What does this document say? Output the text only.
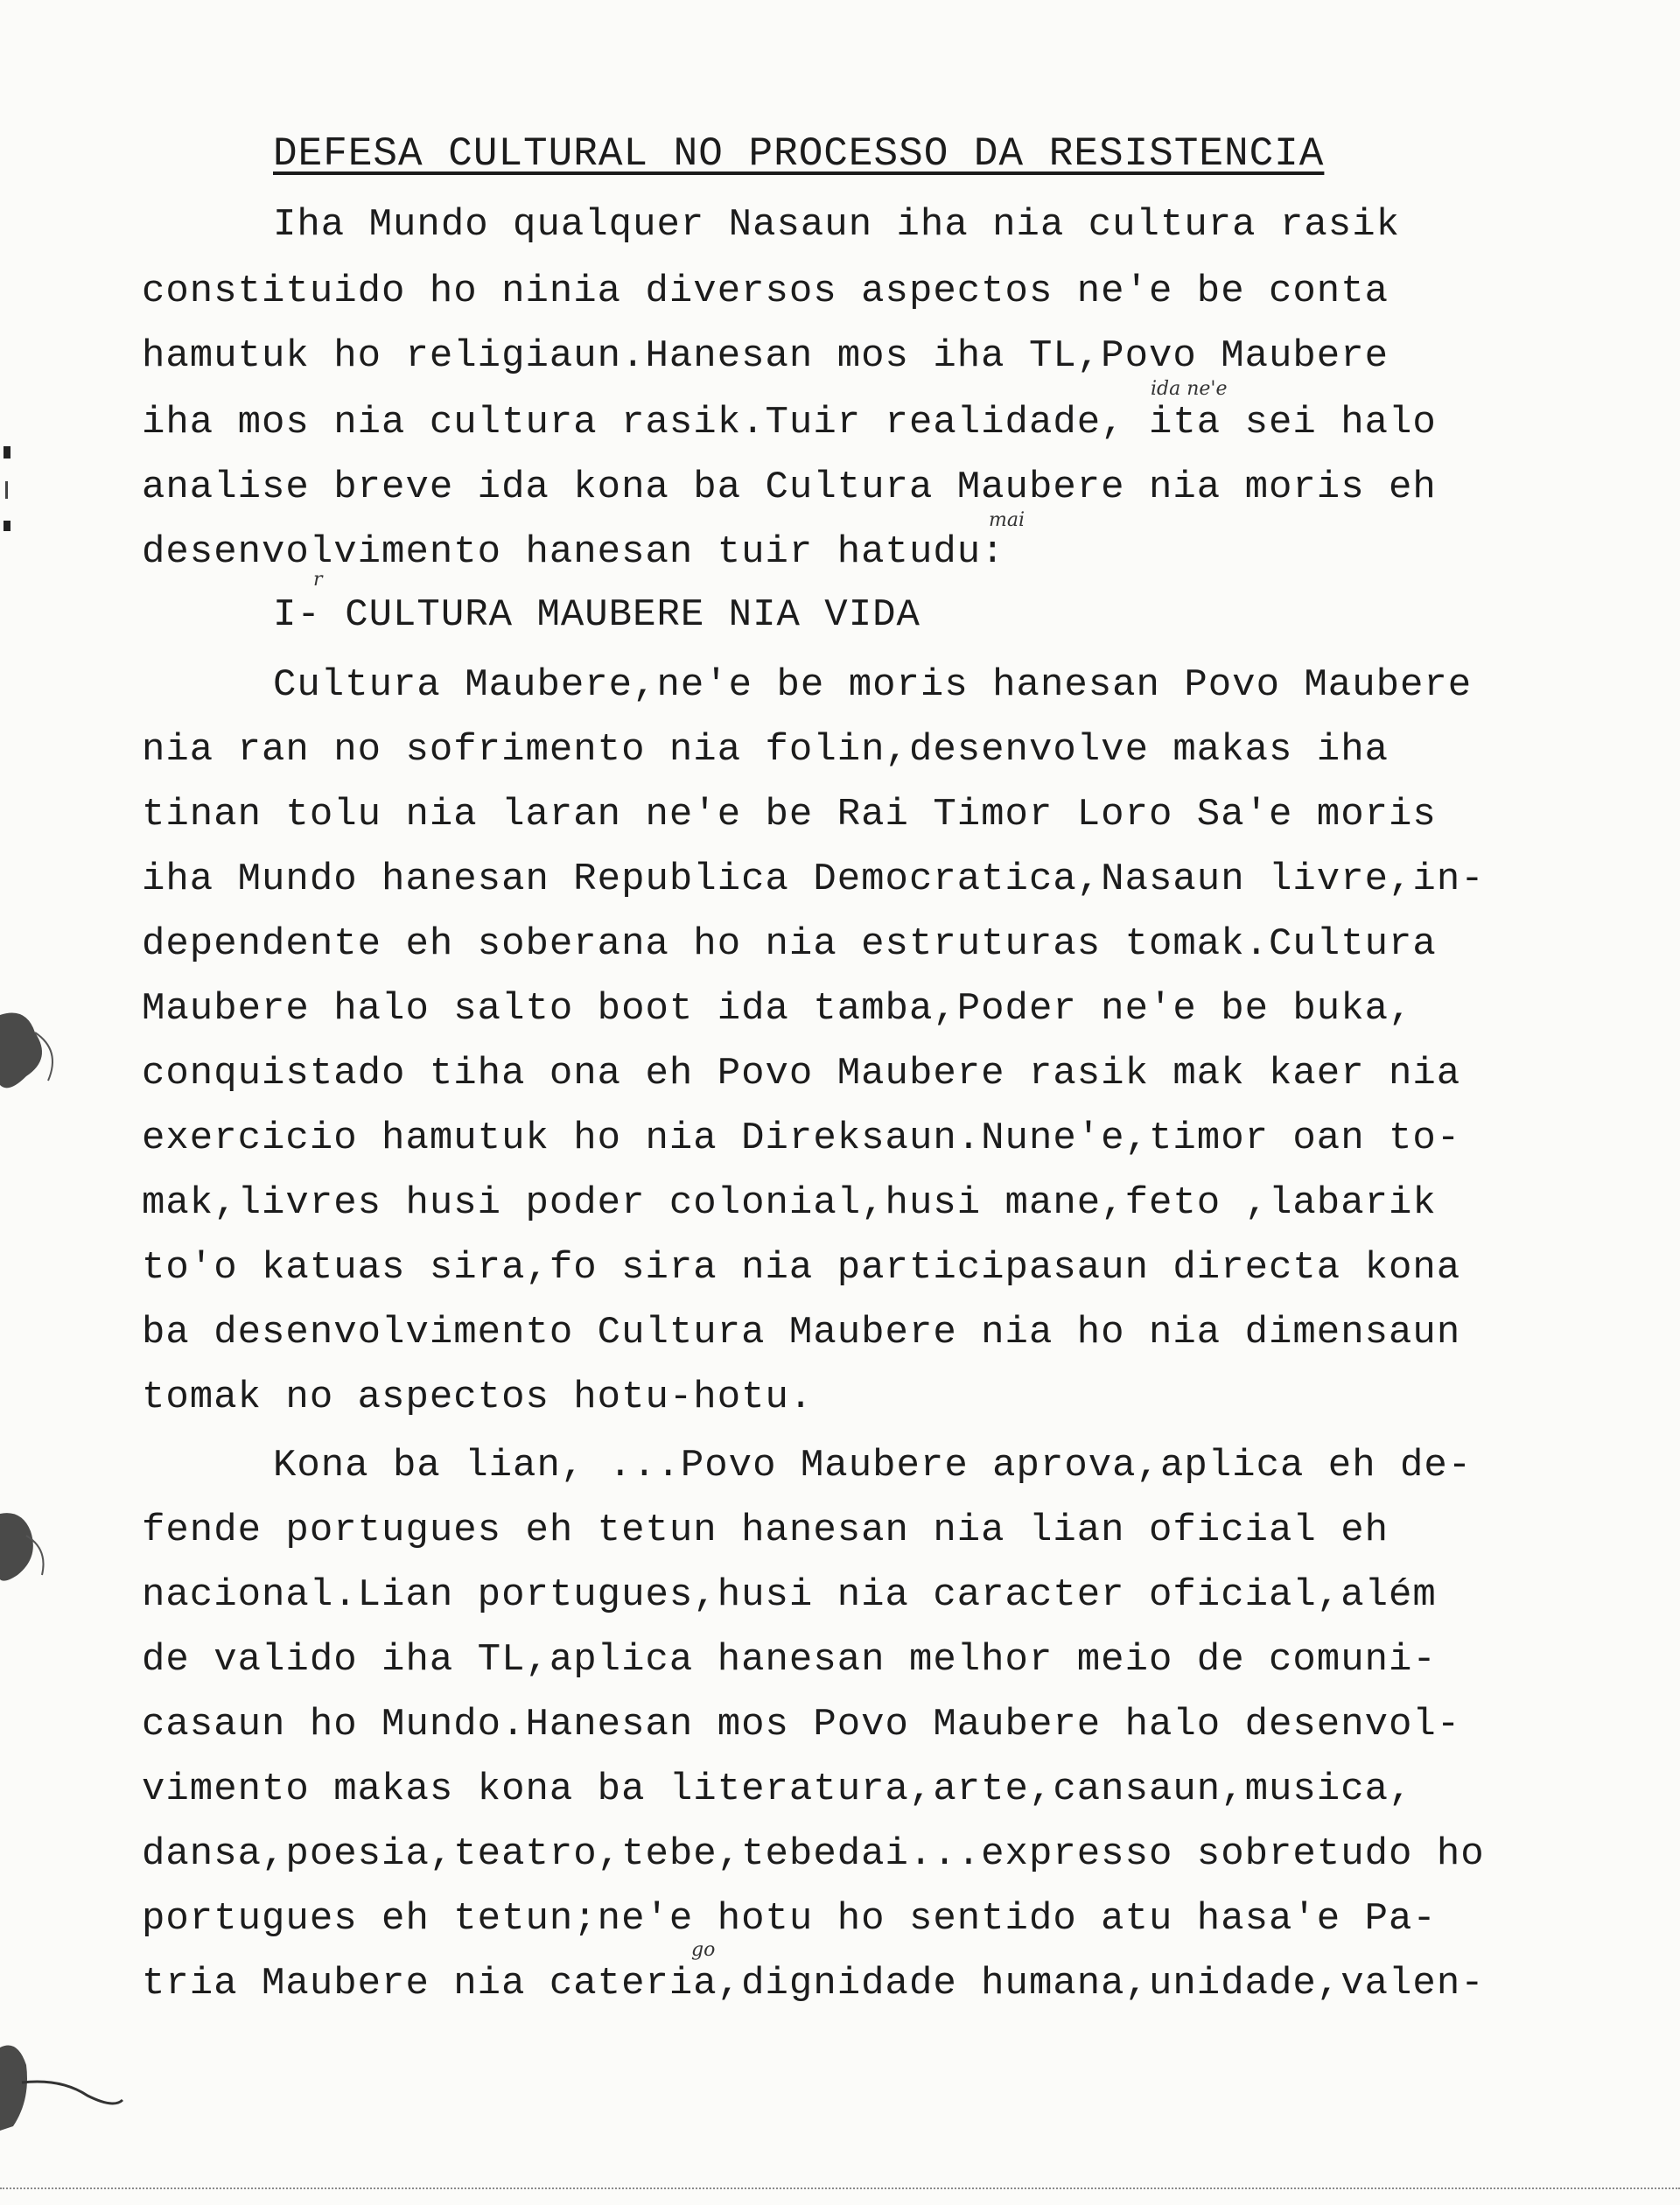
DEFESA CULTURAL NO PROCESSO DA RESISTENCIA
Iha Mundo qualquer Nasaun iha nia cultura rasik
constituido ho ninia diversos aspectos ne'e be conta
hamutuk ho religiaun.Hanesan mos iha TL,Povo Maubere
ida ne'e
iha mos nia cultura rasik.Tuir realidade, ita sei halo
analise breve ida kona ba Cultura Maubere nia moris eh
mai
desenvolvimento hanesan tuir hatudu:
r
I- CULTURA MAUBERE NIA VIDA
Cultura Maubere,ne'e be moris hanesan Povo Maubere
nia ran no sofrimento nia folin,desenvolve makas iha
tinan tolu nia laran ne'e be Rai Timor Loro Sa'e moris
iha Mundo hanesan Republica Democratica,Nasaun livre,in-
dependente eh soberana ho nia estruturas tomak.Cultura
Maubere halo salto boot ida tamba,Poder ne'e be buka,
conquistado tiha ona eh Povo Maubere rasik mak kaer nia
exercicio hamutuk ho nia Direksaun.Nune'e,timor oan to-
mak,livres husi poder colonial,husi mane,feto ,labarik
to'o katuas sira,fo sira nia participasaun directa kona
ba desenvolvimento Cultura Maubere nia ho nia dimensaun
tomak no aspectos hotu-hotu.
Kona ba lian, ...Povo Maubere aprova,aplica eh de-
fende portugues eh tetun hanesan nia lian oficial eh
nacional.Lian portugues,husi nia caracter oficial,além
de valido iha TL,aplica hanesan melhor meio de comuni-
casaun ho Mundo.Hanesan mos Povo Maubere halo desenvol-
vimento makas kona ba literatura,arte,cansaun,musica,
dansa,poesia,teatro,tebe,tebedai...expresso sobretudo ho
portugues eh tetun;ne'e hotu ho sentido atu hasa'e Pa-
go
tria Maubere nia cateria,dignidade humana,unidade,valen-
